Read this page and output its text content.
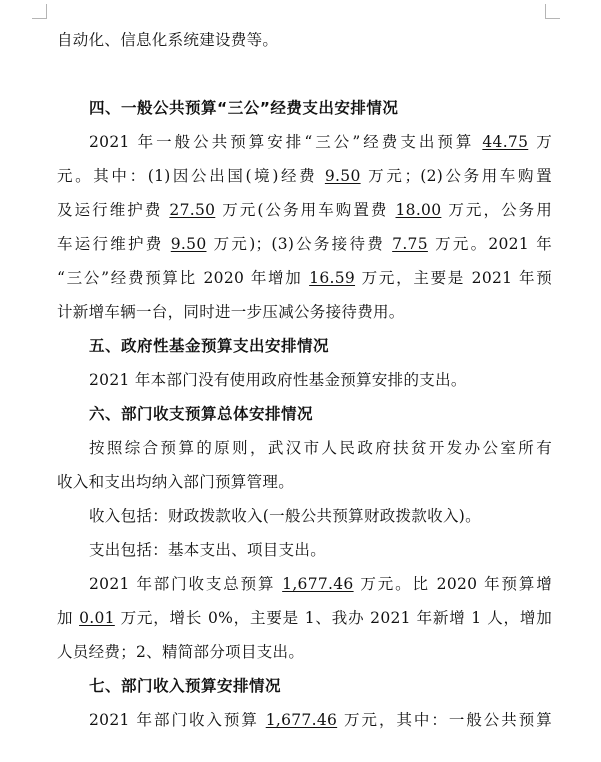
自动化、信息化系统建设费等。
四、一般公共预算“三公”经费支出安排情况
2021 年一般公共预算安排“三公”经费支出预算 44.75 万
元。其中：(1)因公出国(境)经费 9.50 万元；(2)公务用车购置
及运行维护费 27.50 万元(公务用车购置费 18.00 万元，公务用
车运行维护费 9.50 万元)；(3)公务接待费 7.75 万元。2021 年
“三公”经费预算比 2020 年增加 16.59 万元，主要是 2021 年预
计新增车辆一台，同时进一步压减公务接待费用。
五、政府性基金预算支出安排情况
2021 年本部门没有使用政府性基金预算安排的支出。
六、部门收支预算总体安排情况
按照综合预算的原则，武汉市人民政府扶贫开发办公室所有
收入和支出均纳入部门预算管理。
收入包括：财政拨款收入(一般公共预算财政拨款收入)。
支出包括：基本支出、项目支出。
2021 年部门收支总预算 1,677.46 万元。比 2020 年预算增
加 0.01 万元，增长 0%，主要是 1、我办 2021 年新增 1 人，增加
人员经费；2、精简部分项目支出。
七、部门收入预算安排情况
2021 年部门收入预算 1,677.46 万元，其中：一般公共预算
